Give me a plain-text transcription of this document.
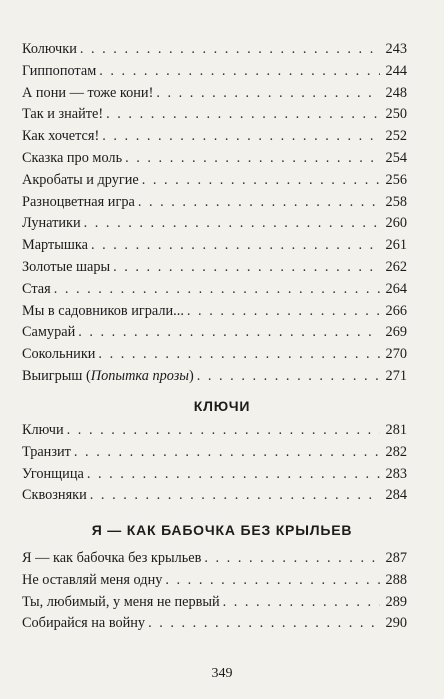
Колючки . . .	243
Гиппопотам . . .	244
А пони — тоже кони! . . .	248
Так и знайте! . . .	250
Как хочется! . . .	252
Сказка про моль . . .	254
Акробаты и другие . . .	256
Разноцветная игра . . .	258
Лунатики . . .	260
Мартышка . . .	261
Золотые шары . . .	262
Стая . . .	264
Мы в садовников играли... . . .	266
Самурай . . .	269
Сокольники . . .	270
Выигрыш (Попытка прозы) . . .	271
КЛЮЧИ
Ключи . . .	281
Транзит . . .	282
Угонщица . . .	283
Сквозняки . . .	284
Я — КАК БАБОЧКА БЕЗ КРЫЛЬЕВ
Я — как бабочка без крыльев . . .	287
Не оставляй меня одну . . .	288
Ты, любимый, у меня не первый . . .	289
Собирайся на войну . . .	290
349
